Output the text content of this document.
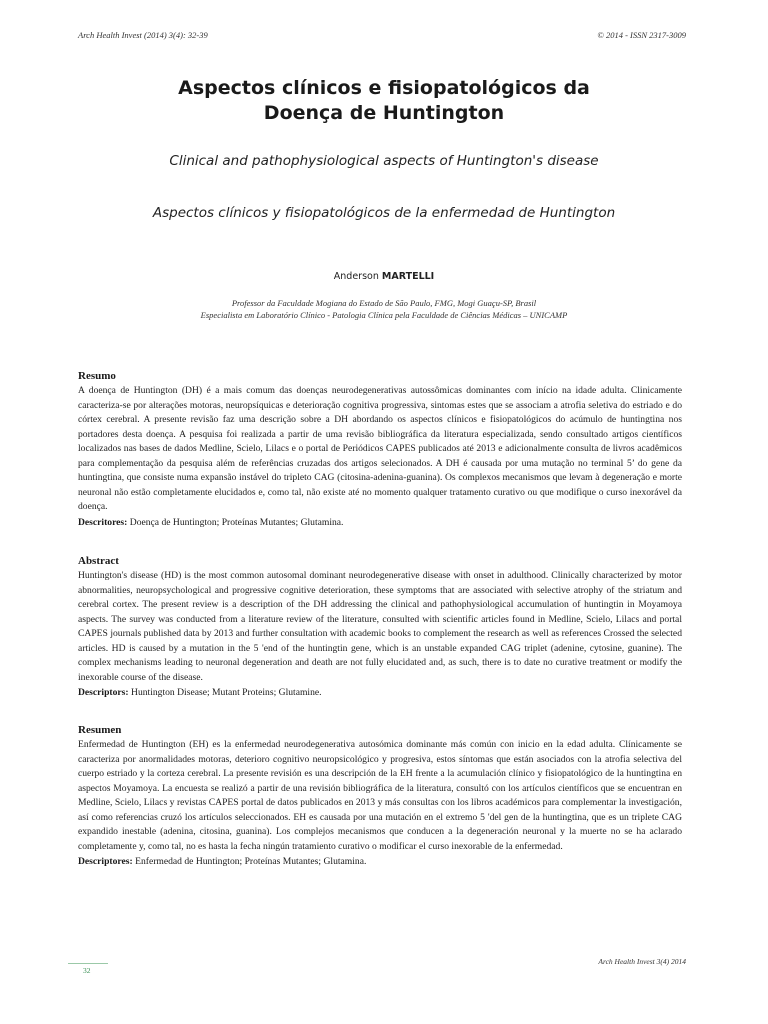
Arch Health Invest (2014) 3(4): 32-39	© 2014 - ISSN 2317-3009
Aspectos clínicos e fisiopatológicos da
Doença de Huntington
Clinical and pathophysiological aspects of Huntington's disease
Aspectos clínicos y fisiopatológicos de la enfermedad de Huntington
Anderson MARTELLI
Professor da Faculdade Mogiana do Estado de São Paulo, FMG, Mogi Guaçu-SP, Brasil
Especialista em Laboratório Clínico - Patologia Clínica pela Faculdade de Ciências Médicas – UNICAMP
Resumo

A doença de Huntington (DH) é a mais comum das doenças neurodegenerativas autossômicas dominantes com início na idade adulta. Clinicamente caracteriza-se por alterações motoras, neuropsíquicas e deterioração cognitiva progressiva, sintomas estes que se associam a atrofia seletiva do estriado e do córtex cerebral. A presente revisão faz uma descrição sobre a DH abordando os aspectos clínicos e fisiopatológicos do acúmulo de huntingtina nos portadores desta doença. A pesquisa foi realizada a partir de uma revisão bibliográfica da literatura especializada, sendo consultado artigos científicos localizados nas bases de dados Medline, Scielo, Lilacs e o portal de Periódicos CAPES publicados até 2013 e adicionalmente consulta de livros acadêmicos para complementação da pesquisa além de referências cruzadas dos artigos selecionados. A DH é causada por uma mutação no terminal 5’ do gene da huntingtina, que consiste numa expansão instável do tripleto CAG (citosina-adenina-guanina). Os complexos mecanismos que levam à degeneração e morte neuronal não estão completamente elucidados e, como tal, não existe até no momento qualquer tratamento curativo ou que modifique o curso inexorável da doença.

Descritores: Doença de Huntington; Proteínas Mutantes; Glutamina.
Abstract

Huntington's disease (HD) is the most common autosomal dominant neurodegenerative disease with onset in adulthood. Clinically characterized by motor abnormalities, neuropsychological and progressive cognitive deterioration, these symptoms that are associated with selective atrophy of the striatum and cerebral cortex. The present review is a description of the DH addressing the clinical and pathophysiological accumulation of huntingtin in Moyamoya aspects. The survey was conducted from a literature review of the literature, consulted with scientific articles found in Medline, Scielo, Lilacs and portal CAPES journals published data by 2013 and further consultation with academic books to complement the research as well as references Crossed the selected articles. HD is caused by a mutation in the 5 'end of the huntingtin gene, which is an unstable expanded CAG triplet (adenine, cytosine, guanine). The complex mechanisms leading to neuronal degeneration and death are not fully elucidated and, as such, there is to date no curative treatment or modify the inexorable course of the disease.

Descriptors: Huntington Disease; Mutant Proteins; Glutamine.
Resumen

Enfermedad de Huntington (EH) es la enfermedad neurodegenerativa autosómica dominante más común con inicio en la edad adulta. Clínicamente se caracteriza por anormalidades motoras, deterioro cognitivo neuropsicológico y progresiva, estos síntomas que están asociados con la atrofia selectiva del cuerpo estriado y la corteza cerebral. La presente revisión es una descripción de la EH frente a la acumulación clínico y fisiopatológico de la huntingtina en aspectos Moyamoya. La encuesta se realizó a partir de una revisión bibliográfica de la literatura, consultó con los artículos científicos que se encuentran en Medline, Scielo, Lilacs y revistas CAPES portal de datos publicados en 2013 y más consultas con los libros académicos para complementar la investigación, así como referencias cruzó los artículos seleccionados. EH es causada por una mutación en el extremo 5 'del gen de la huntingtina, que es un triplete CAG expandido inestable (adenina, citosina, guanina). Los complejos mecanismos que conducen a la degeneración neuronal y la muerte no se ha aclarado completamente y, como tal, no es hasta la fecha ningún tratamiento curativo o modificar el curso inexorable de la enfermedad.

Descriptores: Enfermedad de Huntington; Proteínas Mutantes; Glutamina.
Arch Health Invest 3(4) 2014
32
